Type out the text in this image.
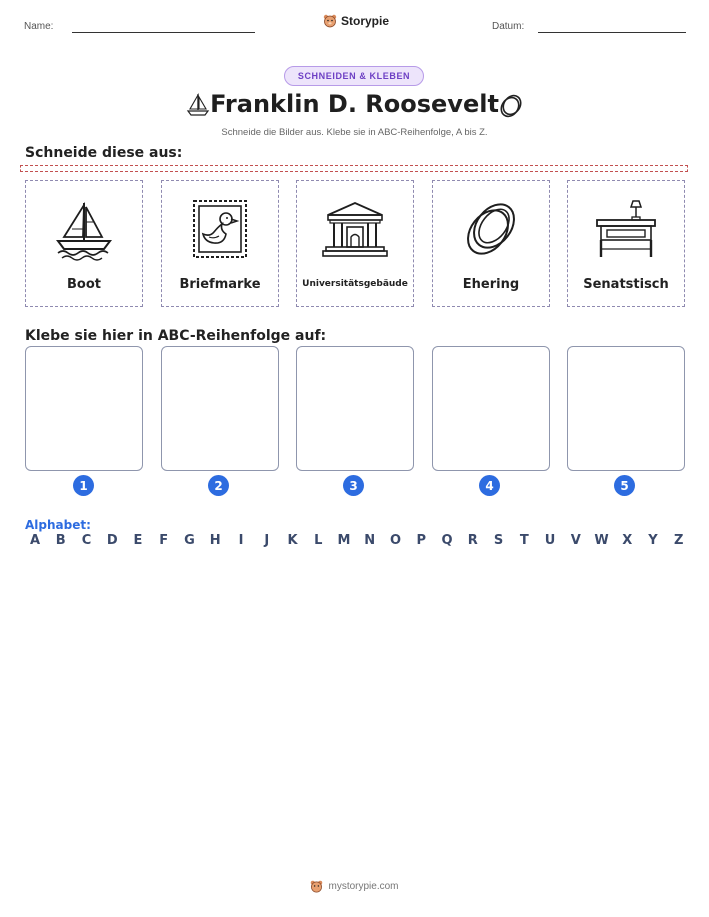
Name:	Storypie	Datum:
SCHNEIDEN & KLEBEN
Franklin D. Roosevelt
Schneide die Bilder aus. Klebe sie in ABC-Reihenfolge, A bis Z.
Schneide diese aus:
Boot	Briefmarke	Universitätsgebäude	Ehering	Senatstisch
Klebe sie hier in ABC-Reihenfolge auf:
1	2	3	4	5
Alphabet:
A B C D E F G H	I	J	K L M N O P Q R S T U V W X Y Z
mystorypie.com
